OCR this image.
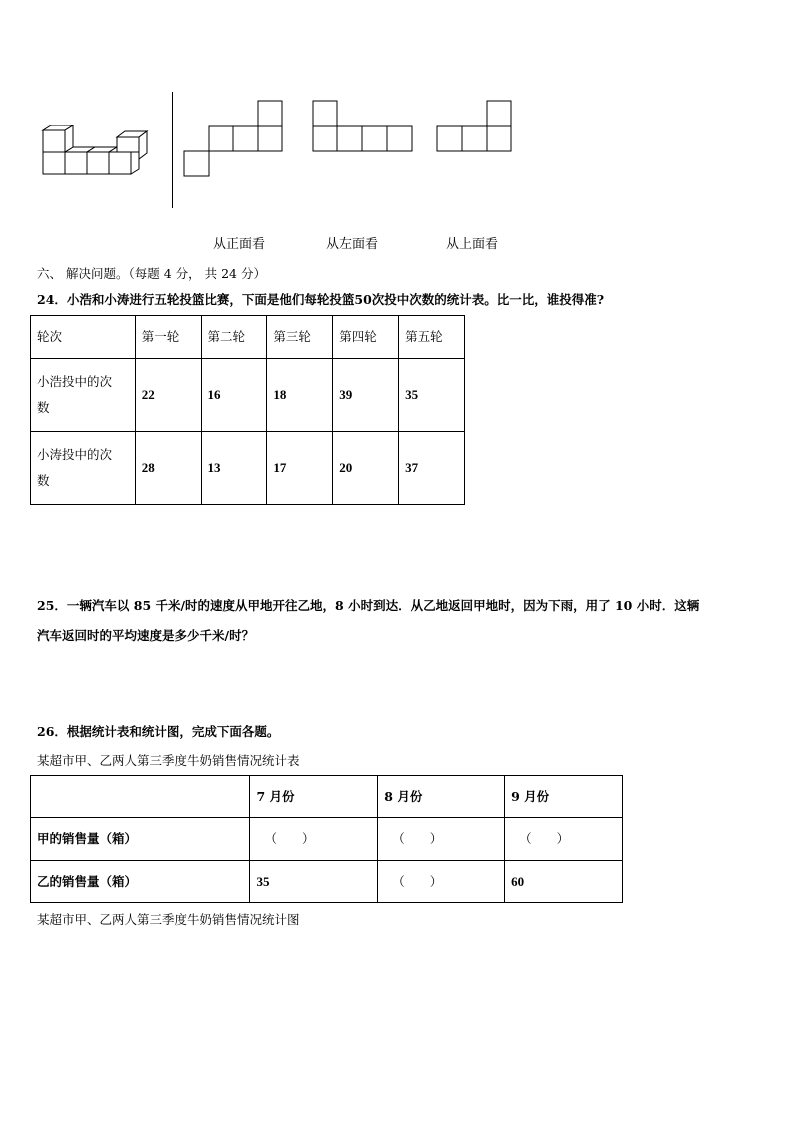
从正面看	从左面看	从上面看
六、 解决问题。（每题 4 分， 共 24 分）
24．小浩和小涛进行五轮投篮比赛，下面是他们每轮投篮50次投中次数的统计表。比一比，谁投得准?
轮次	第一轮	第二轮	第三轮	第四轮	第五轮

小浩投中的次
数	22	16	18	39	35

小涛投中的次
数	28	13	17	20	37
25．一辆汽车以 85 千米/时的速度从甲地开往乙地，8 小时到达．从乙地返回甲地时，因为下雨，用了 10 小时．这辆
汽车返回时的平均速度是多少千米/时？
26．根据统计表和统计图，完成下面各题。
某超市甲、乙两人第三季度牛奶销售情况统计表
	7 月份	8 月份	9 月份
甲的销售量（箱）	（　　）	（　　）	（　　）
乙的销售量（箱）	35	（　　）	60
某超市甲、乙两人第三季度牛奶销售情况统计图
